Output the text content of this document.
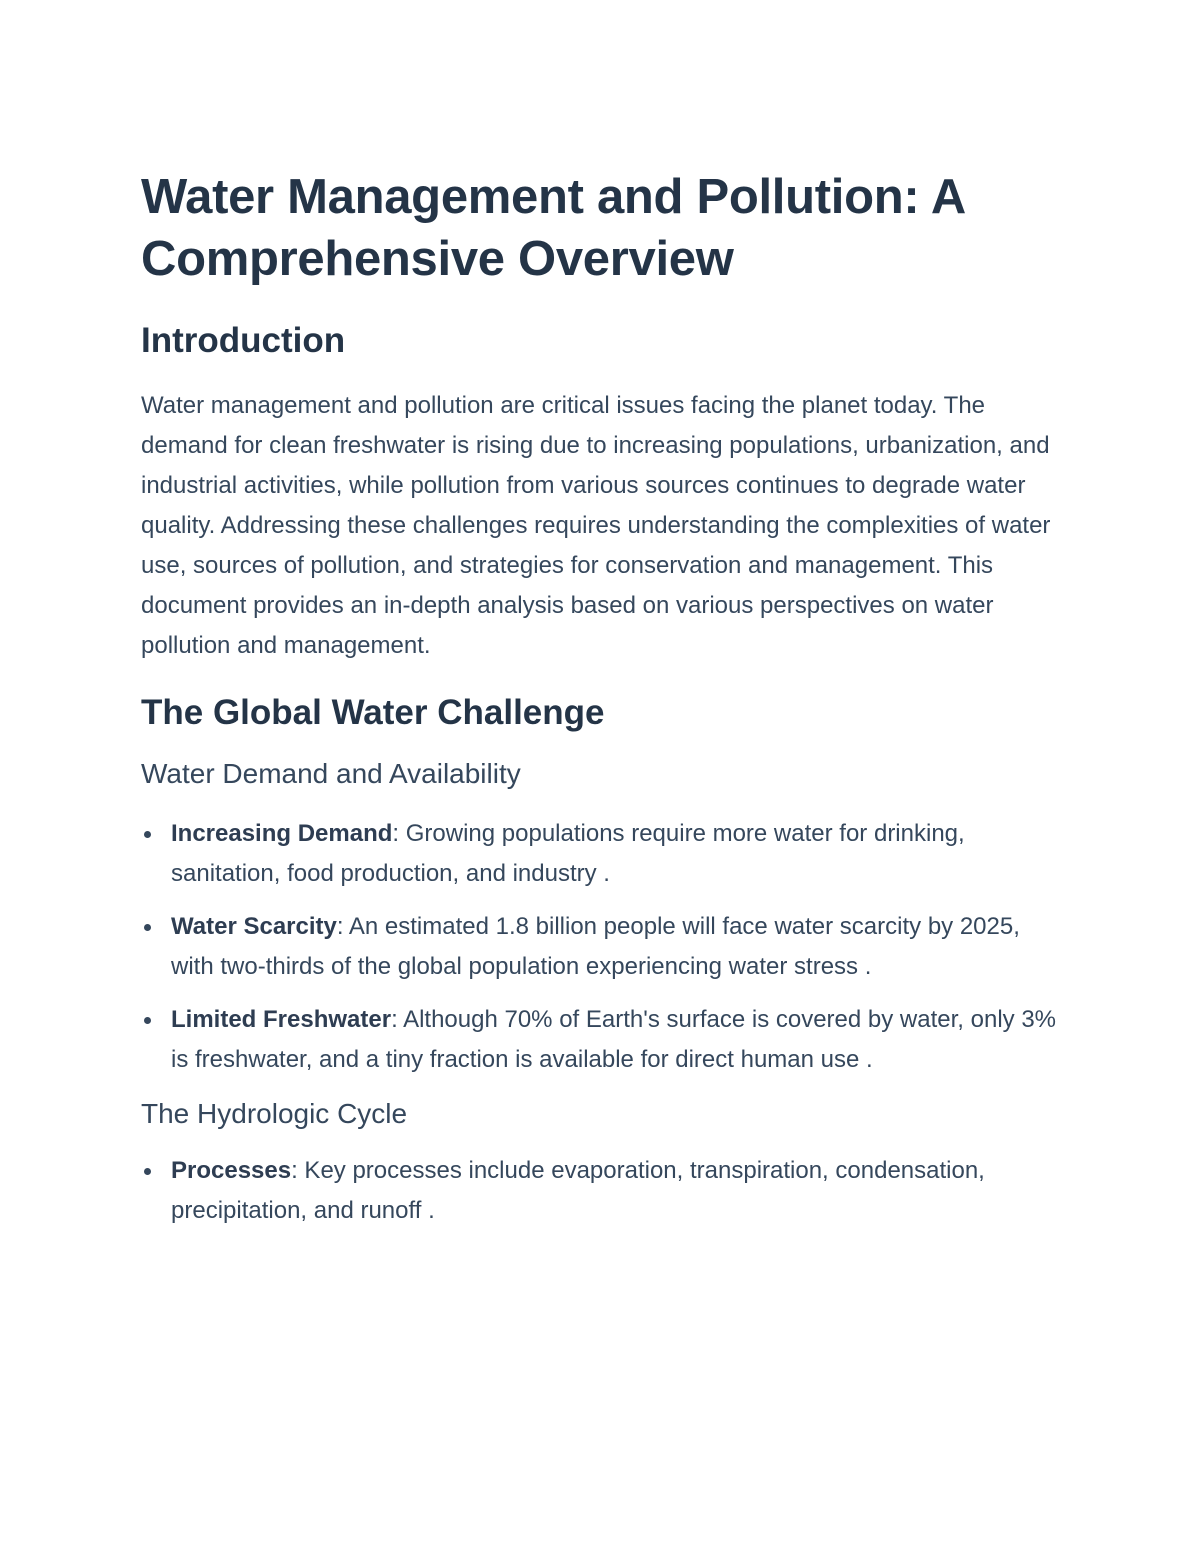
Water Management and Pollution: A Comprehensive Overview
Introduction

Water management and pollution are critical issues facing the planet today. The demand for clean freshwater is rising due to increasing populations, urbanization, and industrial activities, while pollution from various sources continues to degrade water quality. Addressing these challenges requires understanding the complexities of water use, sources of pollution, and strategies for conservation and management. This document provides an in-depth analysis based on various perspectives on water pollution and management.

The Global Water Challenge
Water Demand and Availability
Increasing Demand: Growing populations require more water for drinking, sanitation, food production, and industry .
Water Scarcity: An estimated 1.8 billion people will face water scarcity by 2025, with two-thirds of the global population experiencing water stress .
Limited Freshwater: Although 70% of Earth's surface is covered by water, only 3% is freshwater, and a tiny fraction is available for direct human use .
The Hydrologic Cycle
Processes: Key processes include evaporation, transpiration, condensation, precipitation, and runoff .
